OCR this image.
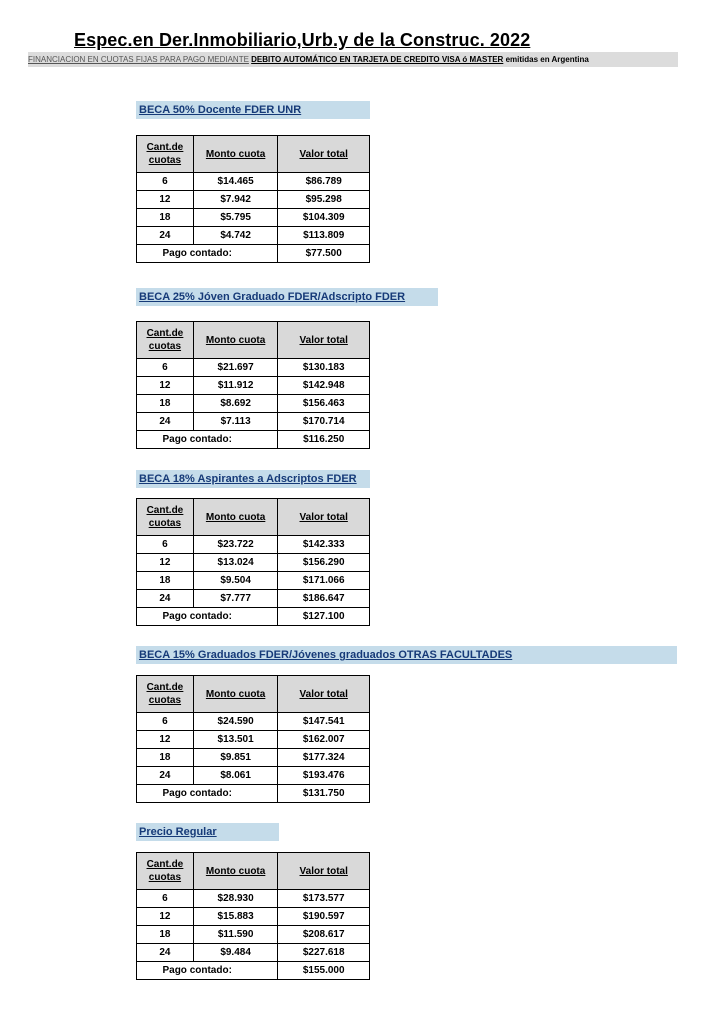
Espec.en Der.Inmobiliario,Urb.y de la Construc. 2022
FINANCIACION EN CUOTAS FIJAS PARA PAGO MEDIANTE DEBITO AUTOMÁTICO EN TARJETA DE CREDITO VISA ó MASTER emitidas en Argentina
BECA 50% Docente FDER UNR
Cant.de
cuotas	Monto cuota	Valor total
6	$14.465	$86.789
12	$7.942	$95.298
18	$5.795	$104.309
24	$4.742	$113.809
Pago contado:		$77.500
BECA 25% Jóven Graduado FDER/Adscripto FDER
Cant.de
cuotas	Monto cuota	Valor total
6	$21.697	$130.183
12	$11.912	$142.948
18	$8.692	$156.463
24	$7.113	$170.714
Pago contado:		$116.250
BECA 18% Aspirantes a Adscriptos FDER
Cant.de
cuotas	Monto cuota	Valor total
6	$23.722	$142.333
12	$13.024	$156.290
18	$9.504	$171.066
24	$7.777	$186.647
Pago contado:		$127.100
BECA 15% Graduados FDER/Jóvenes graduados OTRAS FACULTADES
Cant.de
cuotas	Monto cuota	Valor total
6	$24.590	$147.541
12	$13.501	$162.007
18	$9.851	$177.324
24	$8.061	$193.476
Pago contado:		$131.750
Precio Regular
Cant.de
cuotas	Monto cuota	Valor total
6	$28.930	$173.577
12	$15.883	$190.597
18	$11.590	$208.617
24	$9.484	$227.618
Pago contado:		$155.000
